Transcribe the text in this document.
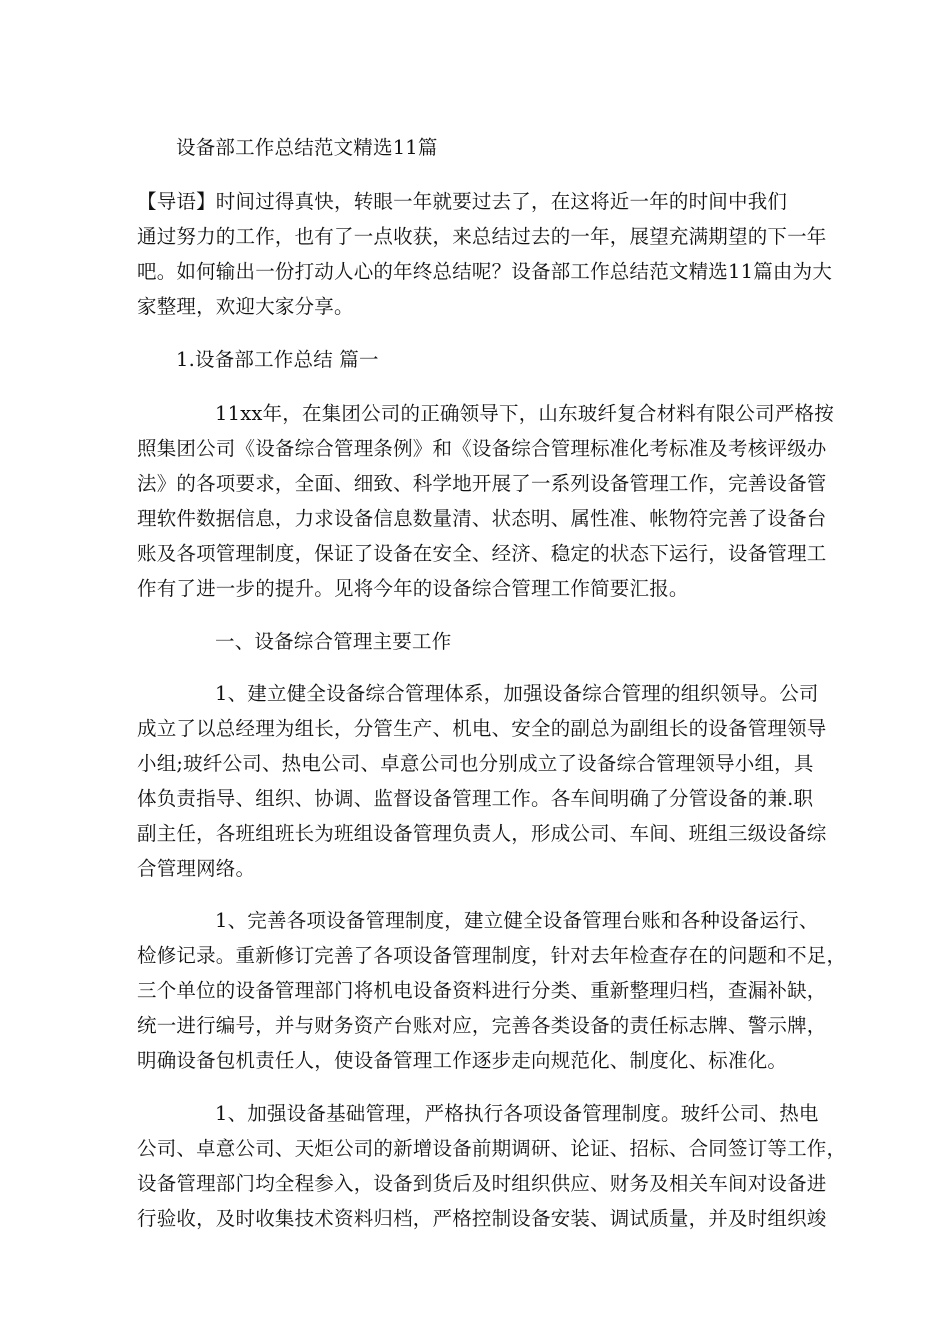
设备部工作总结范文精选11篇
【导语】时间过得真快，转眼一年就要过去了，在这将近一年的时间中我们
通过努力的工作，也有了一点收获，来总结过去的一年，展望充满期望的下一年
吧。如何输出一份打动人心的年终总结呢？设备部工作总结范文精选11篇由为大
家整理，欢迎大家分享。
1.设备部工作总结 篇一
11xx年，在集团公司的正确领导下，山东玻纤复合材料有限公司严格按
照集团公司《设备综合管理条例》和《设备综合管理标准化考标准及考核评级办
法》的各项要求，全面、细致、科学地开展了一系列设备管理工作，完善设备管
理软件数据信息，力求设备信息数量清、状态明、属性准、帐物符完善了设备台
账及各项管理制度，保证了设备在安全、经济、稳定的状态下运行，设备管理工
作有了进一步的提升。见将今年的设备综合管理工作简要汇报。
一、设备综合管理主要工作
1、建立健全设备综合管理体系，加强设备综合管理的组织领导。公司
成立了以总经理为组长，分管生产、机电、安全的副总为副组长的设备管理领导
小组;玻纤公司、热电公司、卓意公司也分别成立了设备综合管理领导小组，具
体负责指导、组织、协调、监督设备管理工作。各车间明确了分管设备的兼.职
副主任，各班组班长为班组设备管理负责人，形成公司、车间、班组三级设备综
合管理网络。
1、完善各项设备管理制度，建立健全设备管理台账和各种设备运行、
检修记录。重新修订完善了各项设备管理制度，针对去年检查存在的问题和不足，
三个单位的设备管理部门将机电设备资料进行分类、重新整理归档，查漏补缺，
统一进行编号，并与财务资产台账对应，完善各类设备的责任标志牌、警示牌，
明确设备包机责任人，使设备管理工作逐步走向规范化、制度化、标准化。
1、加强设备基础管理，严格执行各项设备管理制度。玻纤公司、热电
公司、卓意公司、天炬公司的新增设备前期调研、论证、招标、合同签订等工作，
设备管理部门均全程参入，设备到货后及时组织供应、财务及相关车间对设备进
行验收，及时收集技术资料归档，严格控制设备安装、调试质量，并及时组织竣
